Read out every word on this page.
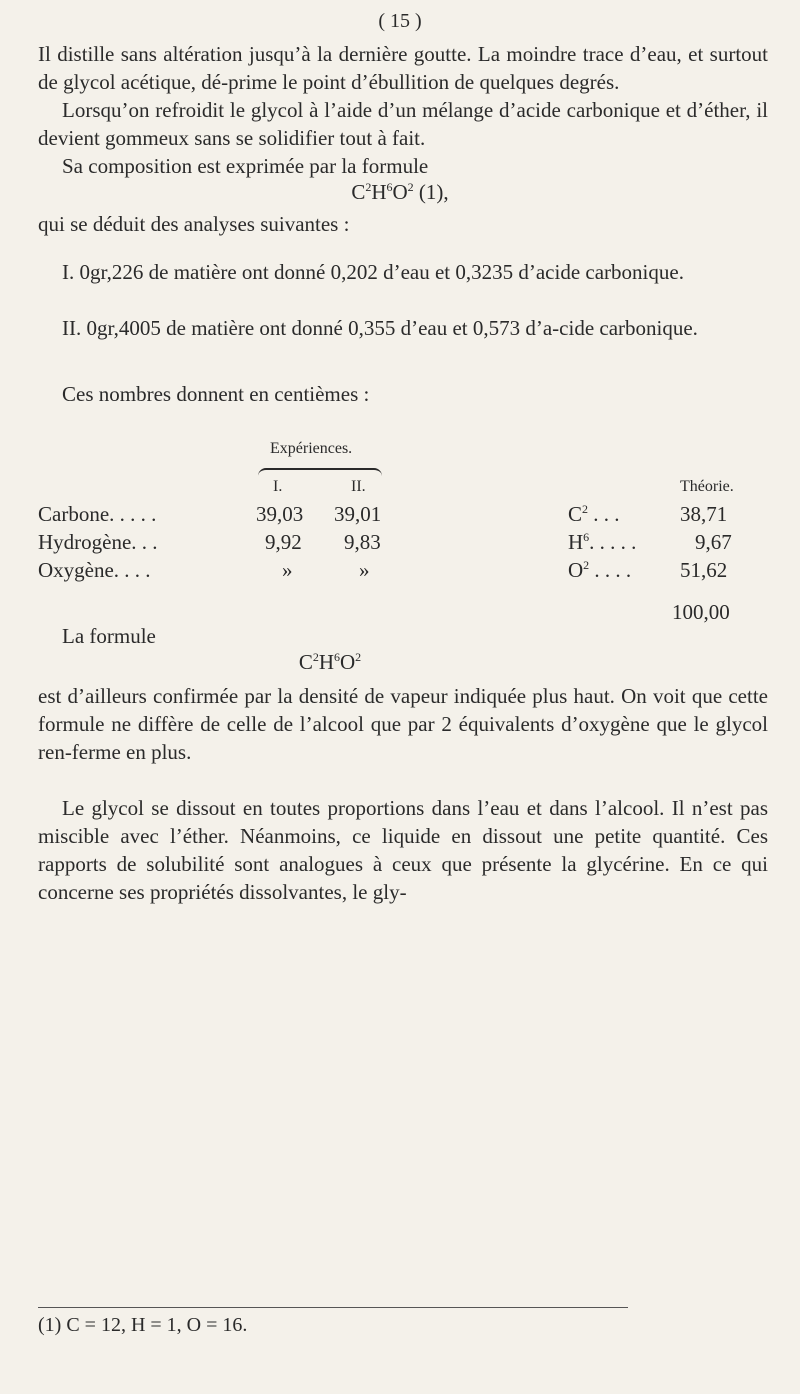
( 15 )

Il distille sans altération jusqu’à la dernière goutte. La moindre trace d’eau, et surtout de glycol acétique, dé-prime le point d’ébullition de quelques degrés.

Lorsqu’on refroidit le glycol à l’aide d’un mélange d’acide carbonique et d’éther, il devient gommeux sans se solidifier tout à fait.

Sa composition est exprimée par la formule

$C^2H^6O^2$ (1),

qui se déduit des analyses suivantes :

I. 0gr,226 de matière ont donné 0,202 d’eau et 0,3235 d’acide carbonique.

II. 0gr,4005 de matière ont donné 0,355 d’eau et 0,573 d’a-cide carbonique.

Ces nombres donnent en centièmes :

Expériences.
I.	II.	Théorie.
Carbone. . . . .	39,03 39,01	$C^2$ . . .	38,71
Hydrogène. . .	9,92 9,83	$H^6$. . . . .	9,67
Oxygène. . . .	»	»	$O^2$ . . . . 51,62
100,00

La formule

$C^2H^6O^2$

est d’ailleurs confirmée par la densité de vapeur indiquée plus haut. On voit que cette formule ne diffère de celle de l’alcool que par 2 équivalents d’oxygène que le glycol ren-ferme en plus.

Le glycol se dissout en toutes proportions dans l’eau et dans l’alcool. Il n’est pas miscible avec l’éther. Néanmoins, ce liquide en dissout une petite quantité. Ces rapports de solubilité sont analogues à ceux que présente la glycérine. En ce qui concerne ses propriétés dissolvantes, le gly-

(1) C = 12, H = 1, O = 16.
